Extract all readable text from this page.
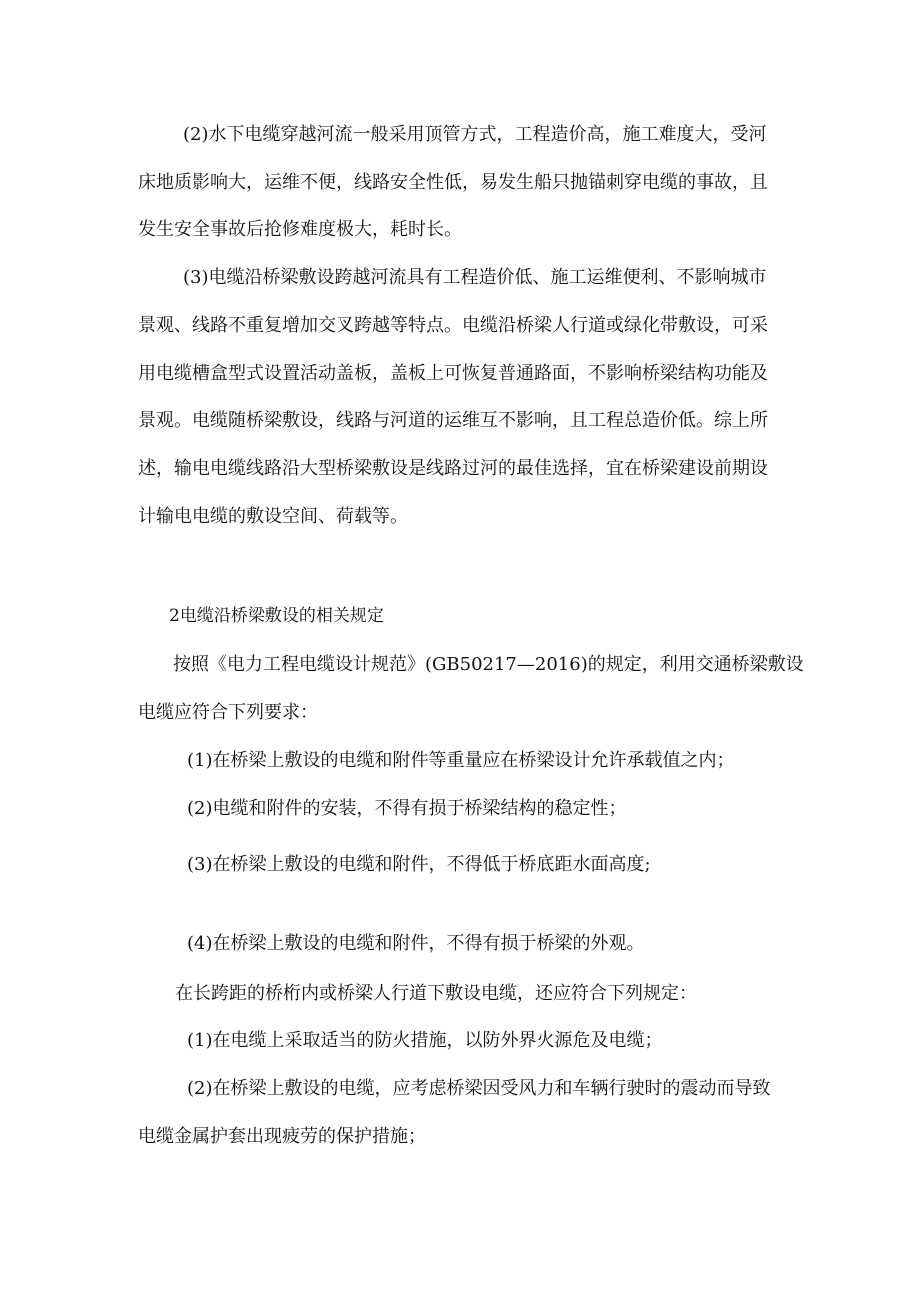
(2)水下电缆穿越河流一般采用顶管方式，工程造价高，施工难度大，受河

床地质影响大，运维不便，线路安全性低，易发生船只抛锚刺穿电缆的事故，且

发生安全事故后抢修难度极大，耗时长。

(3)电缆沿桥梁敷设跨越河流具有工程造价低、施工运维便利、不影响城市

景观、线路不重复增加交叉跨越等特点。电缆沿桥梁人行道或绿化带敷设，可采

用电缆槽盒型式设置活动盖板，盖板上可恢复普通路面，不影响桥梁结构功能及

景观。电缆随桥梁敷设，线路与河道的运维互不影响，且工程总造价低。综上所

述，输电电缆线路沿大型桥梁敷设是线路过河的最佳选择，宜在桥梁建设前期设

计输电电缆的敷设空间、荷载等。

2电缆沿桥梁敷设的相关规定

按照《电力工程电缆设计规范》(GB50217—2016)的规定，利用交通桥梁敷设

电缆应符合下列要求：

(1)在桥梁上敷设的电缆和附件等重量应在桥梁设计允许承载值之内；

(2)电缆和附件的安装，不得有损于桥梁结构的稳定性；

(3)在桥梁上敷设的电缆和附件，不得低于桥底距水面高度;

(4)在桥梁上敷设的电缆和附件，不得有损于桥梁的外观。

在长跨距的桥桁内或桥梁人行道下敷设电缆，还应符合下列规定：

(1)在电缆上采取适当的防火措施，以防外界火源危及电缆；

(2)在桥梁上敷设的电缆，应考虑桥梁因受风力和车辆行驶时的震动而导致

电缆金属护套出现疲劳的保护措施；
